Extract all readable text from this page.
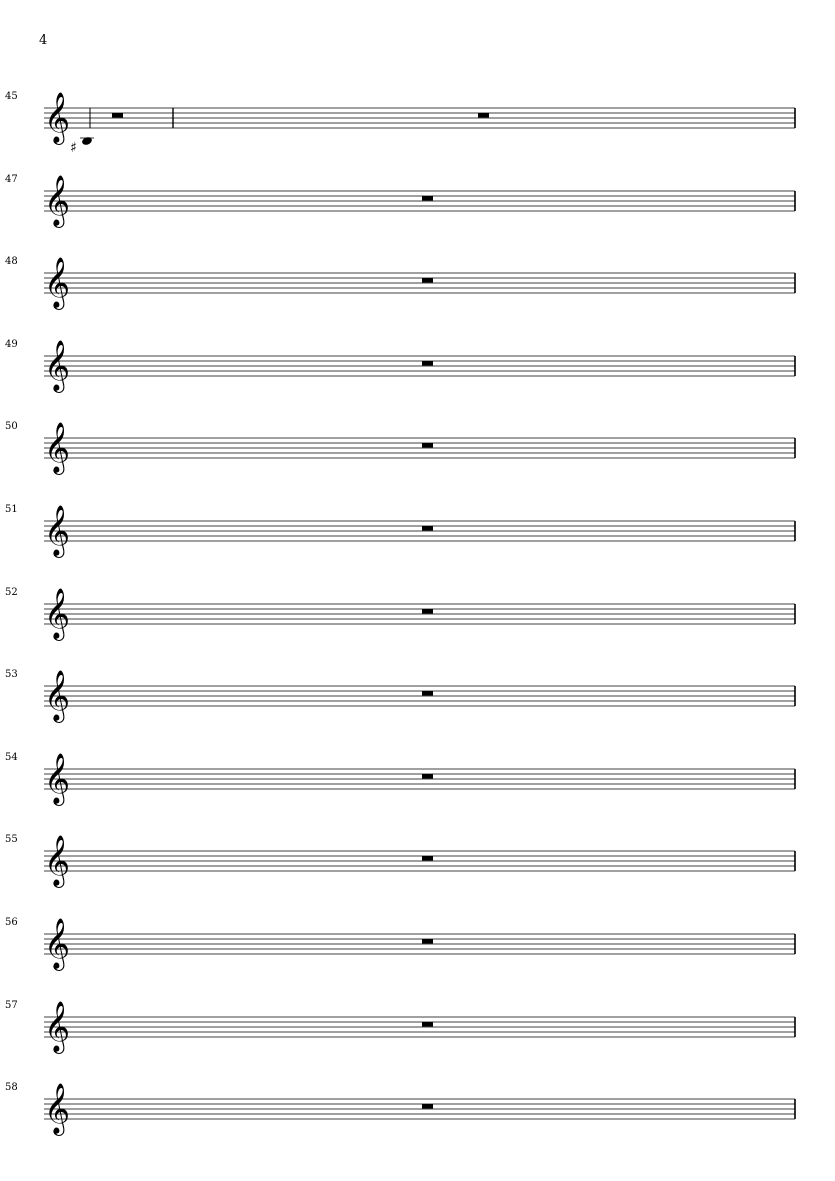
4
45 𝄞
♯
47 𝄞
48 𝄞
49 𝄞
50 𝄞
51 𝄞
52 𝄞
53 𝄞
54 𝄞
55 𝄞
56 𝄞
57 𝄞
58 𝄞
